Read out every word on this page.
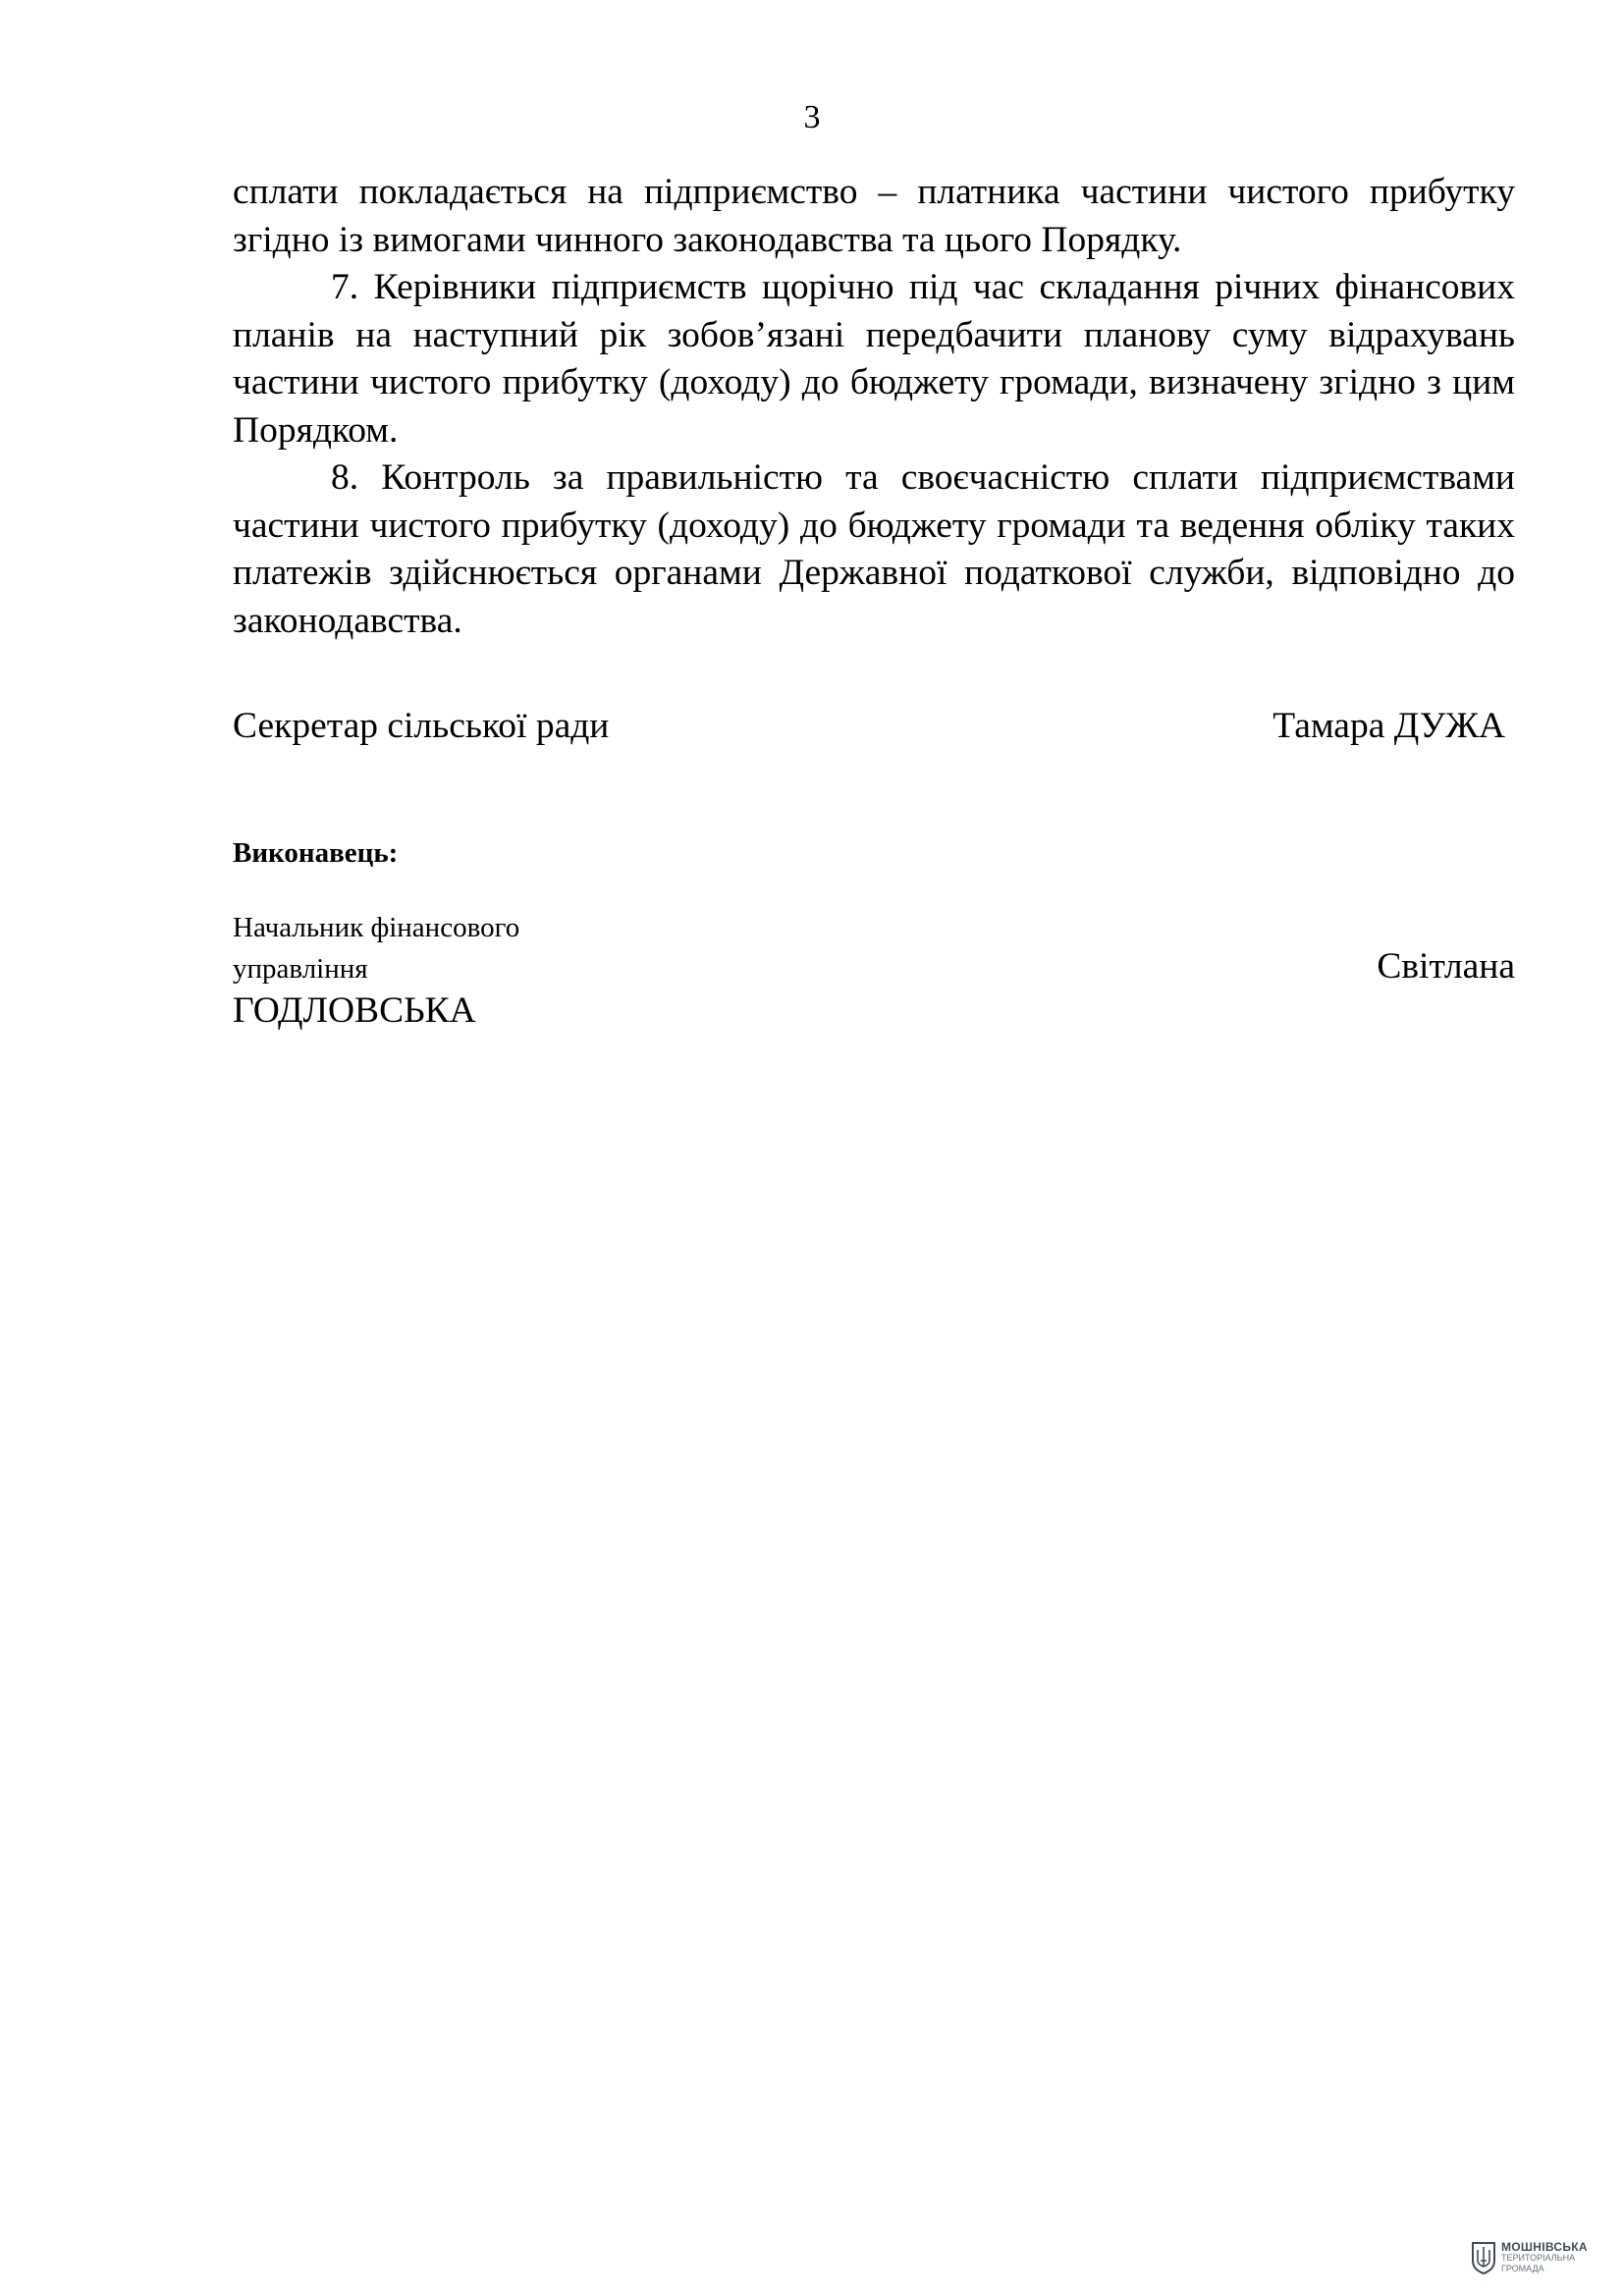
3

сплати покладається на підприємство – платника частини чистого прибутку згідно із вимогами чинного законодавства та цього Порядку.

7. Керівники підприємств щорічно під час складання річних фінансових планів на наступний рік зобов’язані передбачити планову суму відрахувань частини чистого прибутку (доходу) до бюджету громади, визначену згідно з цим Порядком.

8. Контроль за правильністю та своєчасністю сплати підприємствами частини чистого прибутку (доходу) до бюджету громади та ведення обліку таких платежів здійснюється органами Державної податкової служби, відповідно до законодавства.

Секретар сільської ради	Тамара ДУЖА
Виконавець:
Начальник фінансового
управління	Світлана
ГОДЛОВСЬКА
МОШНІВСЬКА
ТЕРИТОРІАЛЬНА
ГРОМАДА
